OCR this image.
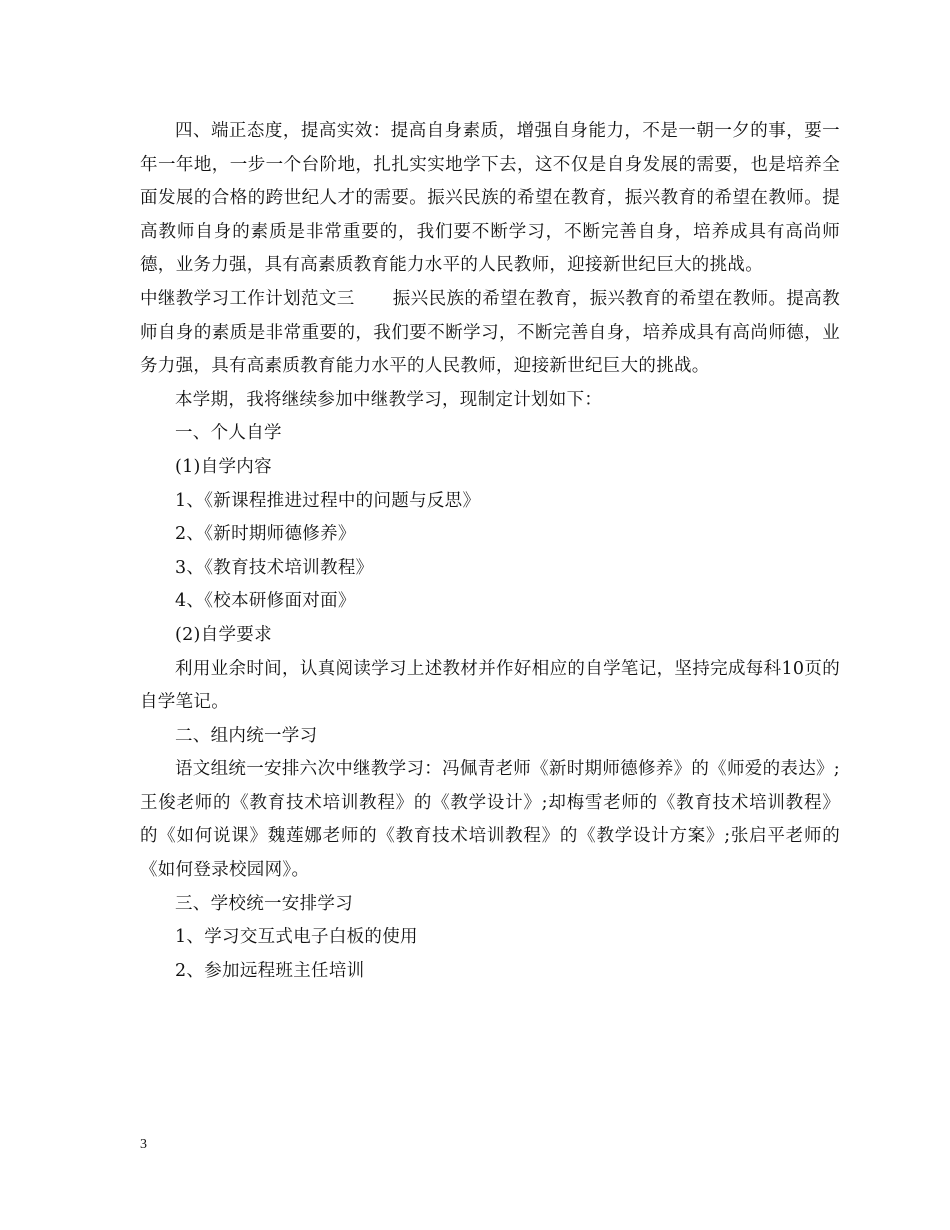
四、端正态度，提高实效：提高自身素质，增强自身能力，不是一朝一夕的事，要一年一年地，一步一个台阶地，扎扎实实地学下去，这不仅是自身发展的需要，也是培养全面发展的合格的跨世纪人才的需要。振兴民族的希望在教育，振兴教育的希望在教师。提高教师自身的素质是非常重要的，我们要不断学习，不断完善自身，培养成具有高尚师德，业务力强，具有高素质教育能力水平的人民教师，迎接新世纪巨大的挑战。

中继教学习工作计划范文三 振兴民族的希望在教育，振兴教育的希望在教师。提高教师自身的素质是非常重要的，我们要不断学习，不断完善自身，培养成具有高尚师德，业务力强，具有高素质教育能力水平的人民教师，迎接新世纪巨大的挑战。

本学期，我将继续参加中继教学习，现制定计划如下：

一、个人自学

(1)自学内容

1、《新课程推进过程中的问题与反思》

2、《新时期师德修养》

3、《教育技术培训教程》

4、《校本研修面对面》

(2)自学要求

利用业余时间，认真阅读学习上述教材并作好相应的自学笔记，坚持完成每科10页的自学笔记。

二、组内统一学习

语文组统一安排六次中继教学习：冯佩青老师《新时期师德修养》的《师爱的表达》;王俊老师的《教育技术培训教程》的《教学设计》;却梅雪老师的《教育技术培训教程》的《如何说课》魏莲娜老师的《教育技术培训教程》的《教学设计方案》;张启平老师的《如何登录校园网》。

三、学校统一安排学习

1、学习交互式电子白板的使用

2、参加远程班主任培训

3
